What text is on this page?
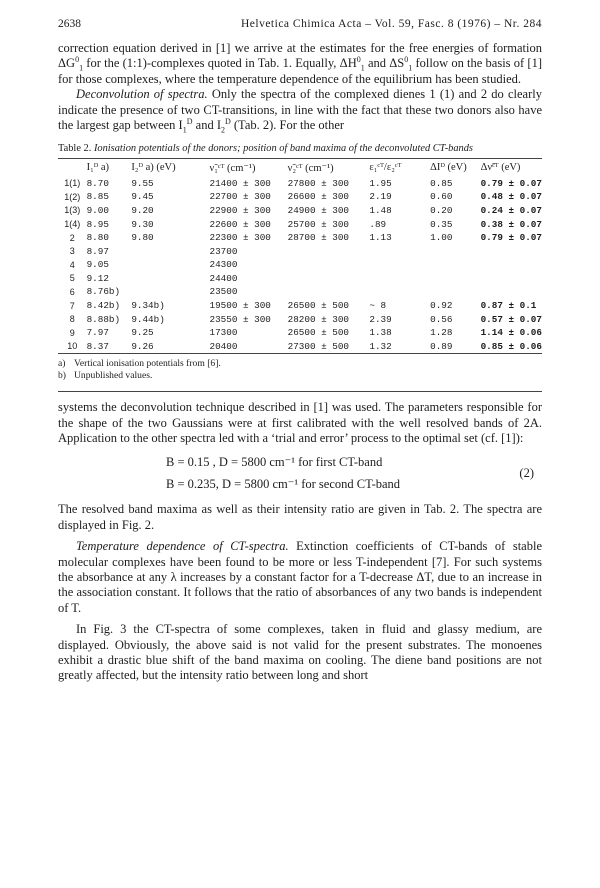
2638	Helvetica Chimica Acta – Vol. 59, Fasc. 8 (1976) – Nr. 284

correction equation derived in [1] we arrive at the estimates for the free energies of formation $\Delta G^0_1$ for the (1:1)-complexes quoted in Tab. 1. Equally, $\Delta H^0_1$ and $\Delta S^0_1$ follow on the basis of [1] for those complexes, where the temperature dependence of the equilibrium has been studied.

Deconvolution of spectra. Only the spectra of the complexed dienes 1 (1) and 2 do clearly indicate the presence of two CT-transitions, in line with the fact that these two donors also have the largest gap between $I_1^D$ and $I_2^D$ (Tab. 2). For the other

Table 2. Ionisation potentials of the donors; position of band maxima of the deconvoluted CT-bands
	I₁ᴰ a)	I₂ᴰ a) (eV)	ν̃₁ᶜᵀ (cm⁻¹)	ν̃₂ᶜᵀ (cm⁻¹)	ε₁ᶜᵀ/ε₂ᶜᵀ	ΔIᴰ (eV)	Δν̃ᶜᵀ (eV)
1(1)	8.70	9.55	21400 ± 300	27800 ± 300	1.95	0.85	0.79 ± 0.07
1(2)	8.85	9.45	22700 ± 300	26600 ± 300	2.19	0.60	0.48 ± 0.07
1(3)	9.00	9.20	22900 ± 300	24900 ± 300	1.48	0.20	0.24 ± 0.07
1(4)	8.95	9.30	22600 ± 300	25700 ± 300	.89	0.35	0.38 ± 0.07
2	8.80	9.80	22300 ± 300	28700 ± 300	1.13	1.00	0.79 ± 0.07
3	8.97		23700				
4	9.05		24300				
5	9.12		24400				
6	8.76b)		23500				
7	8.42b)	9.34b)	19500 ± 300	26500 ± 500	~ 8	0.92	0.87 ± 0.1
8	8.88b)	9.44b)	23550 ± 300	28200 ± 300	2.39	0.56	0.57 ± 0.07
9	7.97	9.25	17300	26500 ± 500	1.38	1.28	1.14 ± 0.06
10	8.37	9.26	20400	27300 ± 500	1.32	0.89	0.85 ± 0.06
a) Vertical ionisation potentials from [6].
b) Unpublished values.

systems the deconvolution technique described in [1] was used. The parameters responsible for the shape of the two Gaussians were at first calibrated with the well resolved bands of 2A. Application to the other spectra led with a ‘trial and error’ process to the optimal set (cf. [1]):

B = 0.15 , D = 5800 cm⁻¹ for first CT-band
B = 0.235, D = 5800 cm⁻¹ for second CT-band
(2)

The resolved band maxima as well as their intensity ratio are given in Tab. 2. The spectra are displayed in Fig. 2.

Temperature dependence of CT-spectra. Extinction coefficients of CT-bands of stable molecular complexes have been found to be more or less T-independent [7]. For such systems the absorbance at any λ increases by a constant factor for a T-decrease ΔT, due to an increase in the association constant. It follows that the ratio of absorbances of any two bands is independent of T.

In Fig. 3 the CT-spectra of some complexes, taken in fluid and glassy medium, are displayed. Obviously, the above said is not valid for the present substrates. The monoenes exhibit a drastic blue shift of the band maxima on cooling. The diene band positions are not greatly affected, but the intensity ratio between long and short
